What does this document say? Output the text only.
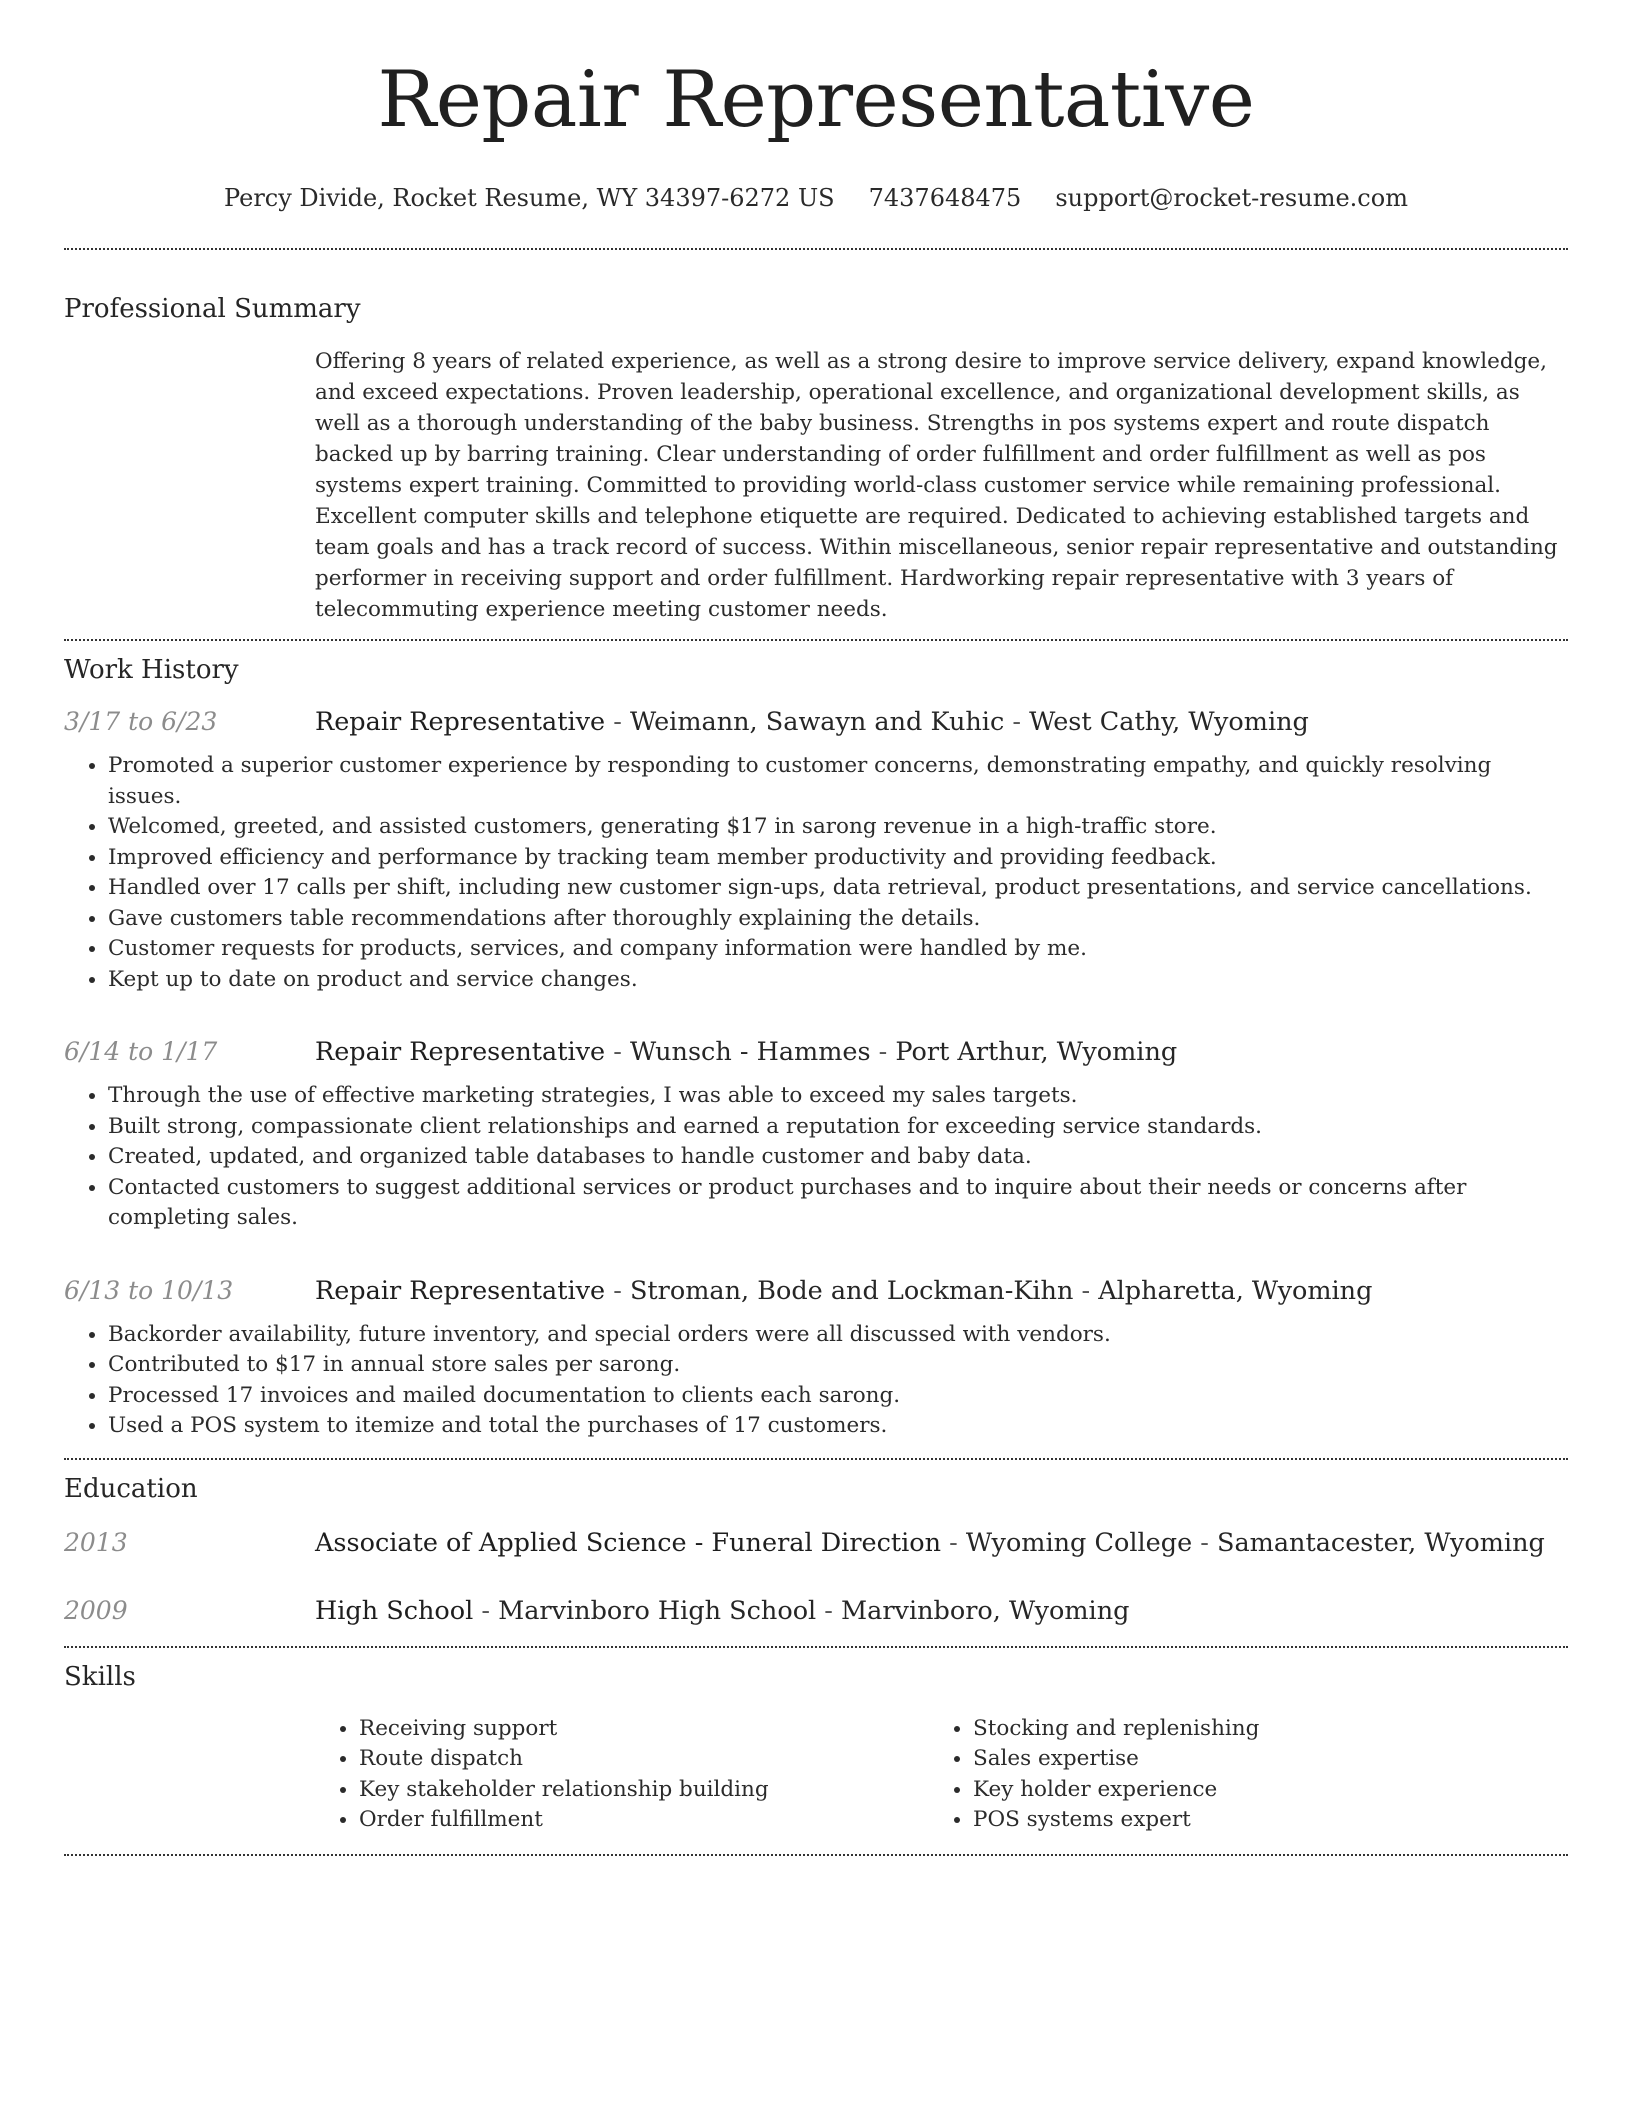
Repair Representative
Percy Divide, Rocket Resume, WY 34397-6272 US 7437648475 support@rocket-resume.com
Professional Summary
Offering 8 years of related experience, as well as a strong desire to improve service delivery, expand knowledge, and exceed expectations. Proven leadership, operational excellence, and organizational development skills, as well as a thorough understanding of the baby business. Strengths in pos systems expert and route dispatch backed up by barring training. Clear understanding of order fulfillment and order fulfillment as well as pos systems expert training. Committed to providing world-class customer service while remaining professional. Excellent computer skills and telephone etiquette are required. Dedicated to achieving established targets and team goals and has a track record of success. Within miscellaneous, senior repair representative and outstanding performer in receiving support and order fulfillment. Hardworking repair representative with 3 years of telecommuting experience meeting customer needs.
Work History
3/17 to 6/23	Repair Representative - Weimann, Sawayn and Kuhic - West Cathy, Wyoming
• Promoted a superior customer experience by responding to customer concerns, demonstrating empathy, and quickly resolving issues.
• Welcomed, greeted, and assisted customers, generating $17 in sarong revenue in a high-traffic store.
• Improved efficiency and performance by tracking team member productivity and providing feedback.
• Handled over 17 calls per shift, including new customer sign-ups, data retrieval, product presentations, and service cancellations.
• Gave customers table recommendations after thoroughly explaining the details.
• Customer requests for products, services, and company information were handled by me.
• Kept up to date on product and service changes.
6/14 to 1/17	Repair Representative - Wunsch - Hammes - Port Arthur, Wyoming
• Through the use of effective marketing strategies, I was able to exceed my sales targets.
• Built strong, compassionate client relationships and earned a reputation for exceeding service standards.
• Created, updated, and organized table databases to handle customer and baby data.
• Contacted customers to suggest additional services or product purchases and to inquire about their needs or concerns after completing sales.
6/13 to 10/13	Repair Representative - Stroman, Bode and Lockman-Kihn - Alpharetta, Wyoming
• Backorder availability, future inventory, and special orders were all discussed with vendors.
• Contributed to $17 in annual store sales per sarong.
• Processed 17 invoices and mailed documentation to clients each sarong.
• Used a POS system to itemize and total the purchases of 17 customers.
Education
2013	Associate of Applied Science - Funeral Direction - Wyoming College - Samantacester, Wyoming
2009	High School - Marvinboro High School - Marvinboro, Wyoming
Skills
• Receiving support
• Route dispatch
• Key stakeholder relationship building
• Order fulfillment
• Stocking and replenishing
• Sales expertise
• Key holder experience
• POS systems expert
